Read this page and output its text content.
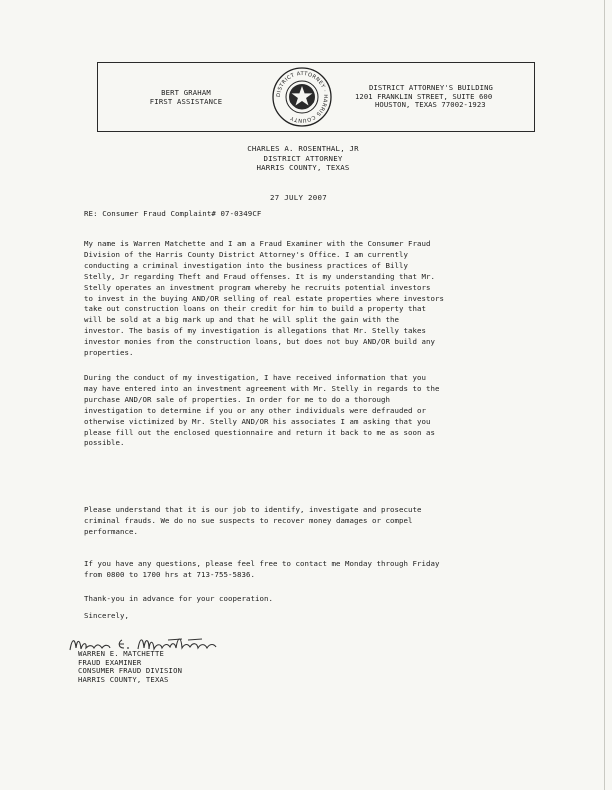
BERT GRAHAM
FIRST ASSISTANCE
DISTRICT ATTORNEY · HARRIS COUNTY
DISTRICT ATTORNEY'S BUILDING
1201 FRANKLIN STREET, SUITE 600
HOUSTON, TEXAS 77002-1923
CHARLES A. ROSENTHAL, JR
DISTRICT ATTORNEY
HARRIS COUNTY, TEXAS
27 JULY 2007
RE: Consumer Fraud Complaint# 07-0349CF
My name is Warren Matchette and I am a Fraud Examiner with the Consumer Fraud
Division of the Harris County District Attorney's Office. I am currently
conducting a criminal investigation into the business practices of Billy
Stelly, Jr regarding Theft and Fraud offenses. It is my understanding that Mr.
Stelly operates an investment program whereby he recruits potential investors
to invest in the buying AND/OR selling of real estate properties where investors
take out construction loans on their credit for him to build a property that
will be sold at a big mark up and that he will split the gain with the
investor. The basis of my investigation is allegations that Mr. Stelly takes
investor monies from the construction loans, but does not buy AND/OR build any
properties.
During the conduct of my investigation, I have received information that you
may have entered into an investment agreement with Mr. Stelly in regards to the
purchase AND/OR sale of properties. In order for me to do a thorough
investigation to determine if you or any other individuals were defrauded or
otherwise victimized by Mr. Stelly AND/OR his associates I am asking that you
please fill out the enclosed questionnaire and return it back to me as soon as
possible.
Please understand that it is our job to identify, investigate and prosecute
criminal frauds. We do no sue suspects to recover money damages or compel
performance.
If you have any questions, please feel free to contact me Monday through Friday
from 0800 to 1700 hrs at 713-755-5836.
Thank-you in advance for your cooperation.
Sincerely,
WARREN E. MATCHETTE
FRAUD EXAMINER
CONSUMER FRAUD DIVISION
HARRIS COUNTY, TEXAS
